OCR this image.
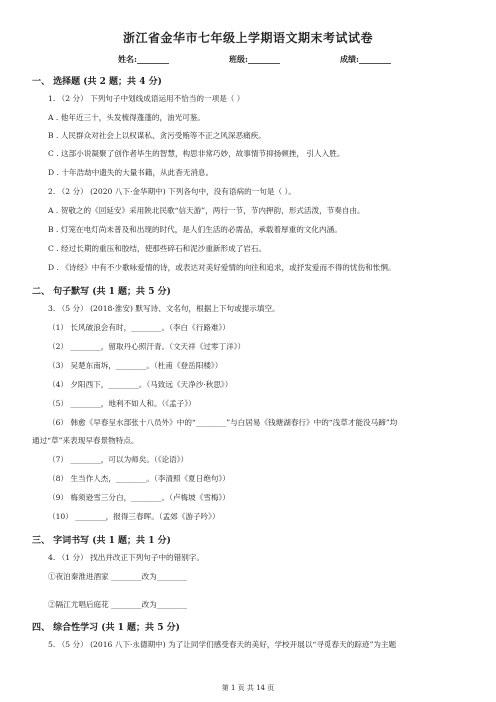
浙江省金华市七年级上学期语文期末考试试卷
姓名:________	班级:________	成绩:________
一、 选择题 (共 2 题；共 4 分)
1. （2 分） 下列句子中划线成语运用不恰当的一项是（ ）
A . 他年近三十，头发梳得蓬蓬的，油光可鉴。
B . 人民群众对社会上以权谋私、贪污受贿等不正之风深恶痛疾。
C . 这部小说凝聚了创作者毕生的智慧，构思非常巧妙，故事情节抑扬顿挫， 引人入胜。
D . 十年浩劫中遗失的大量书籍，从此杳无消息。
2. （2 分） (2020 八下·金华期中) 下列各句中，没有语病的一句是（ ）。
A . 贺敬之的《回延安》采用陕北民歌“信天游”，两行一节，节内押韵，形式活泼，节奏自由。
B . 灯笼在电灯尚未普及和出现的时代，是人们生活的必需品，承载着厚重的文化内涵。
C . 经过长期的重压和胶结，使那些碎石和泥沙重新形成了岩石。
D . 《诗经》中有不少歌咏爱情的诗，或表达对美好爱情的向往和追求，或抒发爱而不得的忧伤和怅惘。
二、 句子默写 (共 1 题；共 5 分)
3. （5 分） (2018·淮安) 默写诗、文名句，根据上下句或提示填空。
（1） 长风破浪会有时，________。（李白《行路难》）
（2） ________，留取丹心照汗青。（文天祥《过零丁洋》）
（3） 吴楚东南坼，________。（杜甫《登岳阳楼》）
（4） 夕阳西下，________。（马致远《天净沙·秋思》）
（5） ________，地利不如人和。（《孟子》）
（6） 韩愈《早春呈水部张十八员外》中的“________”与白居易《钱塘湖春行》中的“浅草才能没马蹄”均
通过“草”来表现早春景物特点。
（7） ________，可以为师矣。（《论语》）
（8） 生当作人杰，________。（李清照《夏日绝句》）
（9） 梅须逊雪三分白，________。（卢梅坡《雪梅》）
（10） ________，报得三春晖。（孟郊《游子吟》）
三、 字词书写 (共 1 题；共 1 分)
4. （1 分） 找出并改正下列句子中的错别字。
①夜泊秦淮进酒家 ________改为________
②隔江尤唱后庭花 ________改为________
四、 综合性学习 (共 1 题；共 5 分)
5. （5 分） (2016 八下·永德期中) 为了让同学们感受春天的美好，学校开展以“寻觅春天的踪迹”为主题
第 1 页 共 14 页
